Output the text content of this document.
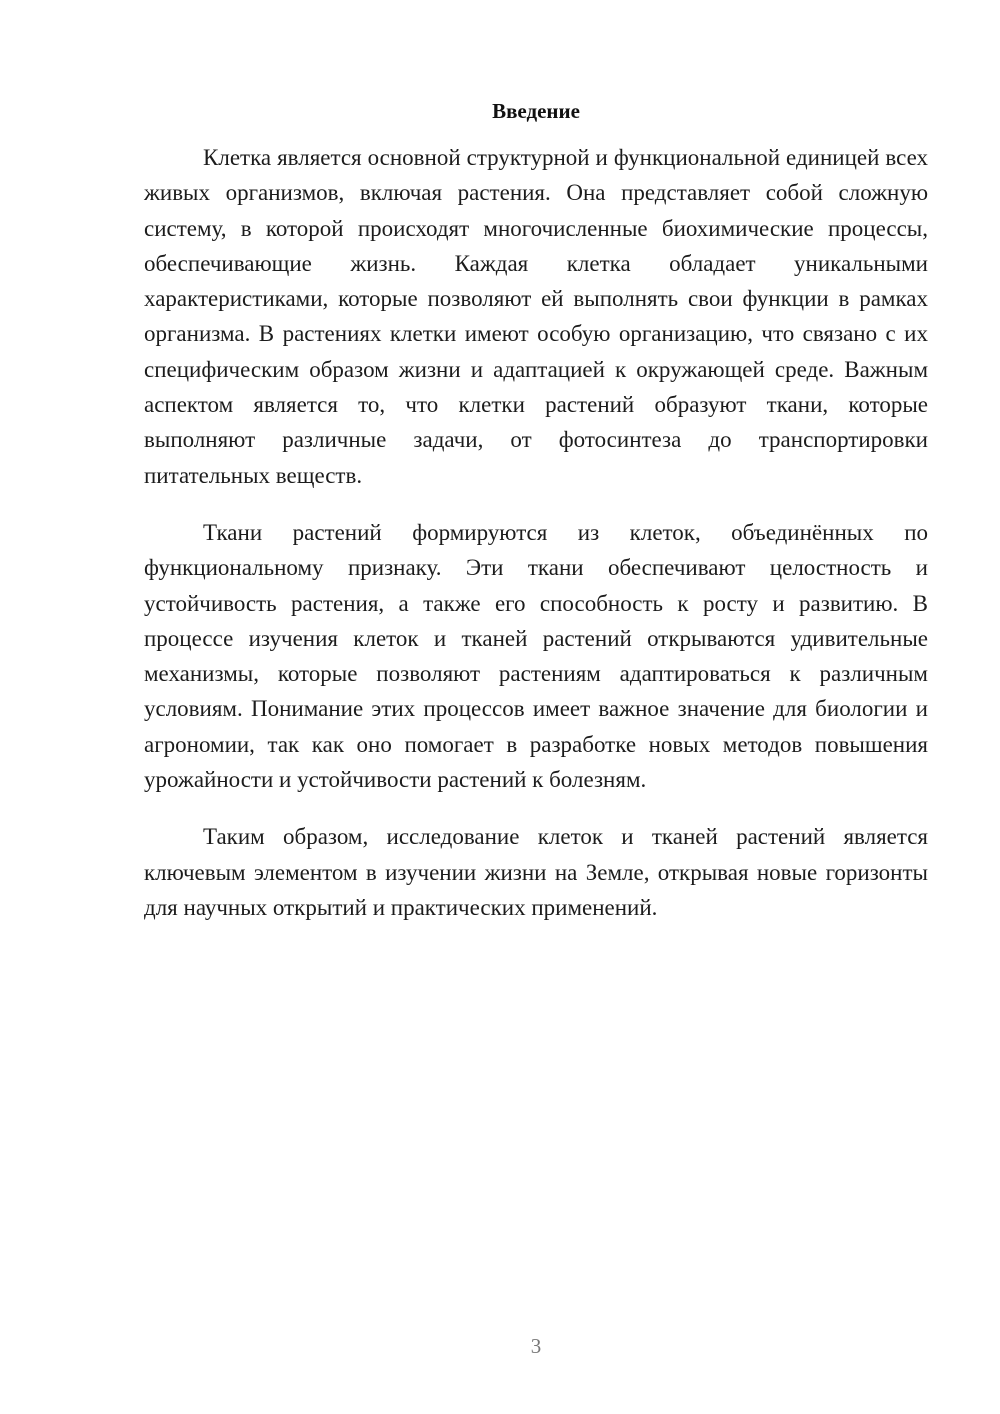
Введение

Клетка является основной структурной и функциональной единицей всех живых организмов, включая растения. Она представляет собой сложную систему, в которой происходят многочисленные биохимические процессы, обеспечивающие жизнь. Каждая клетка обладает уникальными характеристиками, которые позволяют ей выполнять свои функции в рамках организма. В растениях клетки имеют особую организацию, что связано с их специфическим образом жизни и адаптацией к окружающей среде. Важным аспектом является то, что клетки растений образуют ткани, которые выполняют различные задачи, от фотосинтеза до транспортировки питательных веществ.

Ткани растений формируются из клеток, объединённых по функциональному признаку. Эти ткани обеспечивают целостность и устойчивость растения, а также его способность к росту и развитию. В процессе изучения клеток и тканей растений открываются удивительные механизмы, которые позволяют растениям адаптироваться к различным условиям. Понимание этих процессов имеет важное значение для биологии и агрономии, так как оно помогает в разработке новых методов повышения урожайности и устойчивости растений к болезням.

Таким образом, исследование клеток и тканей растений является ключевым элементом в изучении жизни на Земле, открывая новые горизонты для научных открытий и практических применений.

3
